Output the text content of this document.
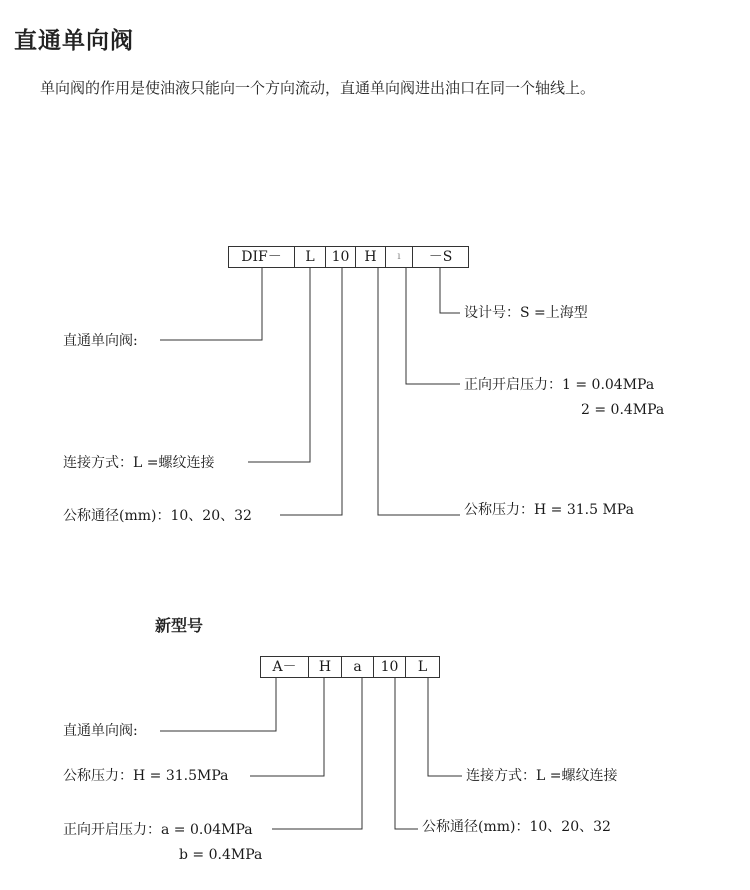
直通单向阀
单向阀的作用是使油液只能向一个方向流动，直通单向阀进出油口在同一个轴线上。
DIF－	L	10	H	ı	－S
直通单向阀:
连接方式：L =螺纹连接
公称通径(mm)：10、20、32
设计号：S =上海型
正向开启压力：1 = 0.04MPa
2 = 0.4MPa
公称压力：H = 31.5 MPa
新型号
A－	H	a	10	L
直通单向阀:
公称压力：H = 31.5MPa
正向开启压力：a = 0.04MPa
b = 0.4MPa
连接方式：L =螺纹连接
公称通径(mm)：10、20、32
